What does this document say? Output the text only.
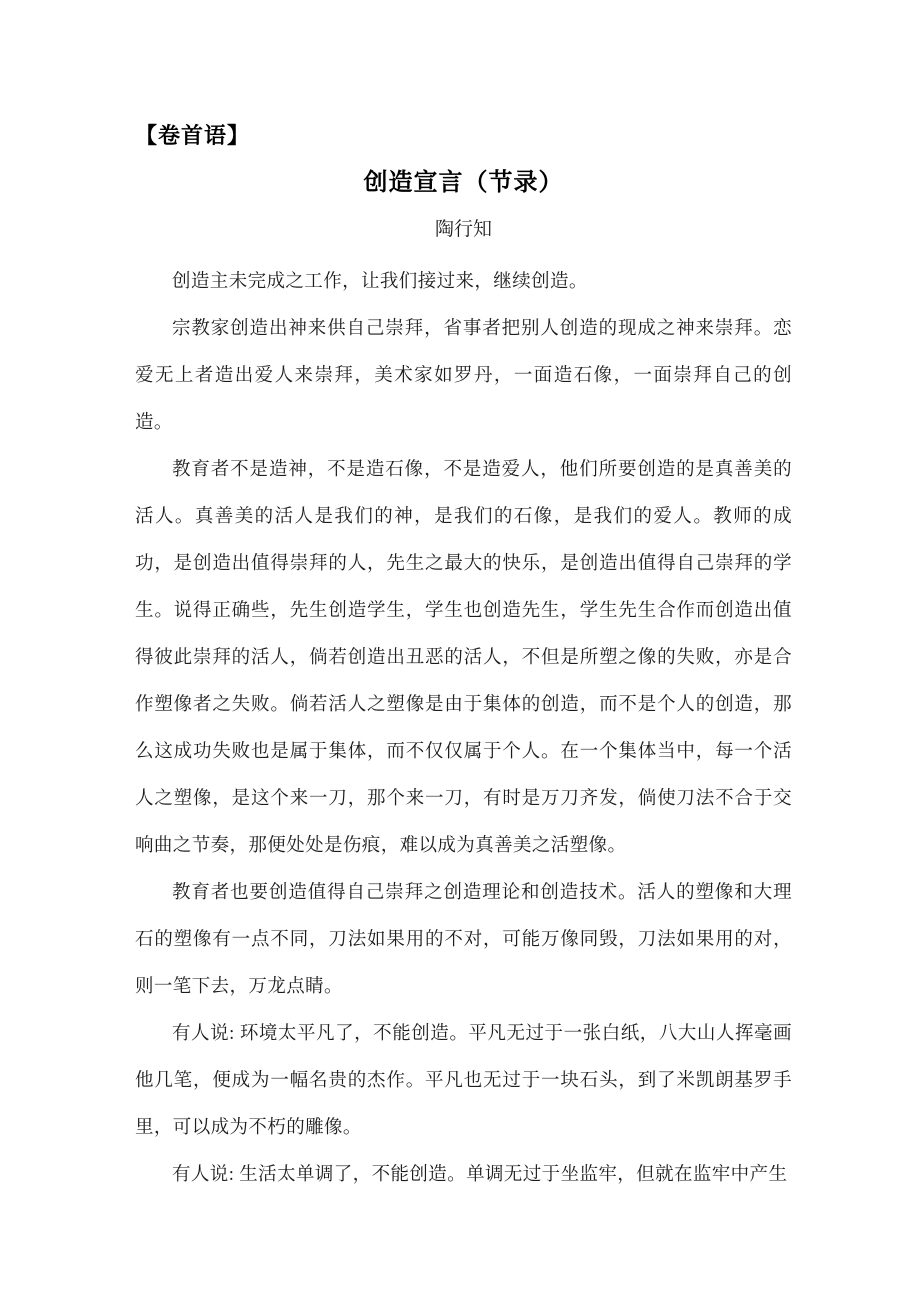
【卷首语】
创造宣言（节录）
陶行知

创造主未完成之工作，让我们接过来，继续创造。

宗教家创造出神来供自己崇拜，省事者把别人创造的现成之神来崇拜。恋爱无上者造出爱人来崇拜，美术家如罗丹，一面造石像，一面崇拜自己的创造。

教育者不是造神，不是造石像，不是造爱人，他们所要创造的是真善美的活人。真善美的活人是我们的神，是我们的石像，是我们的爱人。教师的成功，是创造出值得崇拜的人，先生之最大的快乐，是创造出值得自己崇拜的学生。说得正确些，先生创造学生，学生也创造先生，学生先生合作而创造出值得彼此崇拜的活人，倘若创造出丑恶的活人，不但是所塑之像的失败，亦是合作塑像者之失败。倘若活人之塑像是由于集体的创造，而不是个人的创造，那么这成功失败也是属于集体，而不仅仅属于个人。在一个集体当中，每一个活人之塑像，是这个来一刀，那个来一刀，有时是万刀齐发，倘使刀法不合于交响曲之节奏，那便处处是伤痕，难以成为真善美之活塑像。

教育者也要创造值得自己崇拜之创造理论和创造技术。活人的塑像和大理石的塑像有一点不同，刀法如果用的不对，可能万像同毁，刀法如果用的对，则一笔下去，万龙点睛。

有人说: 环境太平凡了，不能创造。平凡无过于一张白纸，八大山人挥毫画他几笔，便成为一幅名贵的杰作。平凡也无过于一块石头，到了米凯朗基罗手里，可以成为不朽的雕像。

有人说: 生活太单调了，不能创造。单调无过于坐监牢，但就在监牢中产生
